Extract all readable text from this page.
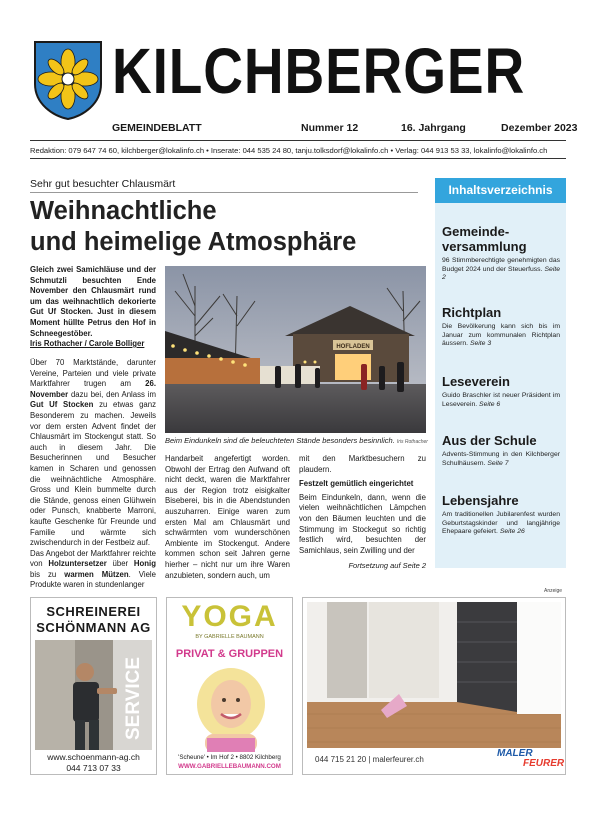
KILCHBERGER
GEMEINDEBLATT	Nummer 12	16. Jahrgang	Dezember 2023
Redaktion: 079 647 74 60, kilchberger@lokalinfo.ch • Inserate: 044 535 24 80, tanju.tolksdorf@lokalinfo.ch • Verlag: 044 913 53 33, lokalinfo@lokalinfo.ch
Sehr gut besuchter Chlausmärt
Weihnachtliche
und heimelige Atmosphäre

Gleich zwei Samichläuse und der Schmutzli besuchten Ende November den Chlausmärt rund um das weihnachtlich dekorierte Gut Uf Stocken. Just in diesem Moment hüllte Petrus den Hof in Schneegestöber.

Iris Rothacher / Carole Bolliger
Über 70 Marktstände, darunter Vereine, Parteien und viele private Marktfahrer trugen am 26. November dazu bei, den Anlass im Gut Uf Stocken zu etwas ganz Besonderem zu machen. Jeweils vor dem ersten Advent findet der Chlausmärt im Stockengut statt. So auch in diesem Jahr. Die Besucherinnen und Besucher kamen in Scharen und genossen die weihnächtliche Atmosphäre. Gross und Klein bummelte durch die Stände, genoss einen Glühwein oder Punsch, knabberte Marroni, kaufte Geschenke für Freunde und Familie und wärmte sich zwischendurch in der Festbeiz auf.
Das Angebot der Marktfahrer reichte von Holzuntersetzer über Honig bis zu warmen Mützen. Viele Produkte waren in stundenlanger
HOFLADEN
Beim Eindunkeln sind die beleuchteten Stände besonders besinnlich. Iris Rothacher
Handarbeit angefertigt worden. Obwohl der Ertrag den Aufwand oft nicht deckt, waren die Marktfahrer aus der Region trotz eisigkalter Biseberei, bis in die Abendstunden auszuharren. Einige waren zum ersten Mal am Chlausmärt und schwärmten vom wunderschönen Ambiente im Stockengut. Andere kommen schon seit Jahren gerne hierher – nicht nur um ihre Waren anzubieten, sondern auch, um
mit den Marktbesuchern zu plaudern.
Festzelt gemütlich eingerichtet
Beim Eindunkeln, dann, wenn die vielen weihnächtlichen Lämpchen von den Bäumen leuchten und die Stimmung im Stockegut so richtig festlich wird, besuchten der Samichlaus, sein Zwilling und der
Fortsetzung auf Seite 2
Inhaltsverzeichnis
Gemeinde-
versammlung

96 Stimmberechtigte genehmigten das Budget 2024 und der Steuerfuss. Seite 2

Richtplan

Die Bevölkerung kann sich bis im Januar zum kommunalen Richtplan äussern. Seite 3

Leseverein

Guido Braschler ist neuer Präsident im Leseverein. Seite 6

Aus der Schule

Advents-Stimmung in den Kilchberger Schulhäusern. Seite 7

Lebensjahre

Am traditionellen Jubilarenfest wurden Geburtstagskinder und langjährige Ehepaare gefeiert. Seite 26

Anzeige
SCHREINEREI
SCHÖNMANN AG
SERVICE
www.schoenmann-ag.ch
044 713 07 33
YOGA
BY GABRIELLE BAUMANN
PRIVAT & GRUPPEN
'Scheune' • Im Hof 2 • 8802 Kilchberg
WWW.GABRIELLEBAUMANN.COM
044 715 21 20 | malerfeurer.ch
MALER
FEURER
